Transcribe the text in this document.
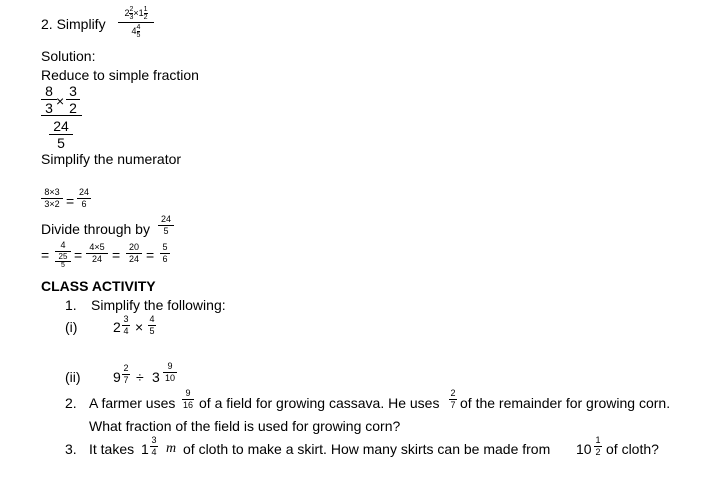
2. Simplify
$2 \frac{2}{3} \times 1 \frac{1}{2}$
$4 \frac{4}{5}$
Solution:
Reduce to simple fraction
8
3 ×
3
2
24
5
Simplify the numerator
8×3
3×2 =
24
6
Divide through by
24
5
=
4
25
5
= 4×5
24 = 20
24 = 5
6
CLASS ACTIVITY
1. Simplify the following:
(i)	2 3
4 × 4
5
(ii) 9
2
7 ÷ 3
9
10
2. A farmer uses
9
16 of a field for growing cassava. He uses
2
7 of the remainder for growing corn.
What fraction of the field is used for growing corn?
3. It takes 1
3
4 m of cloth to make a skirt. How many skirts can be made from 10
1
2 of cloth?
